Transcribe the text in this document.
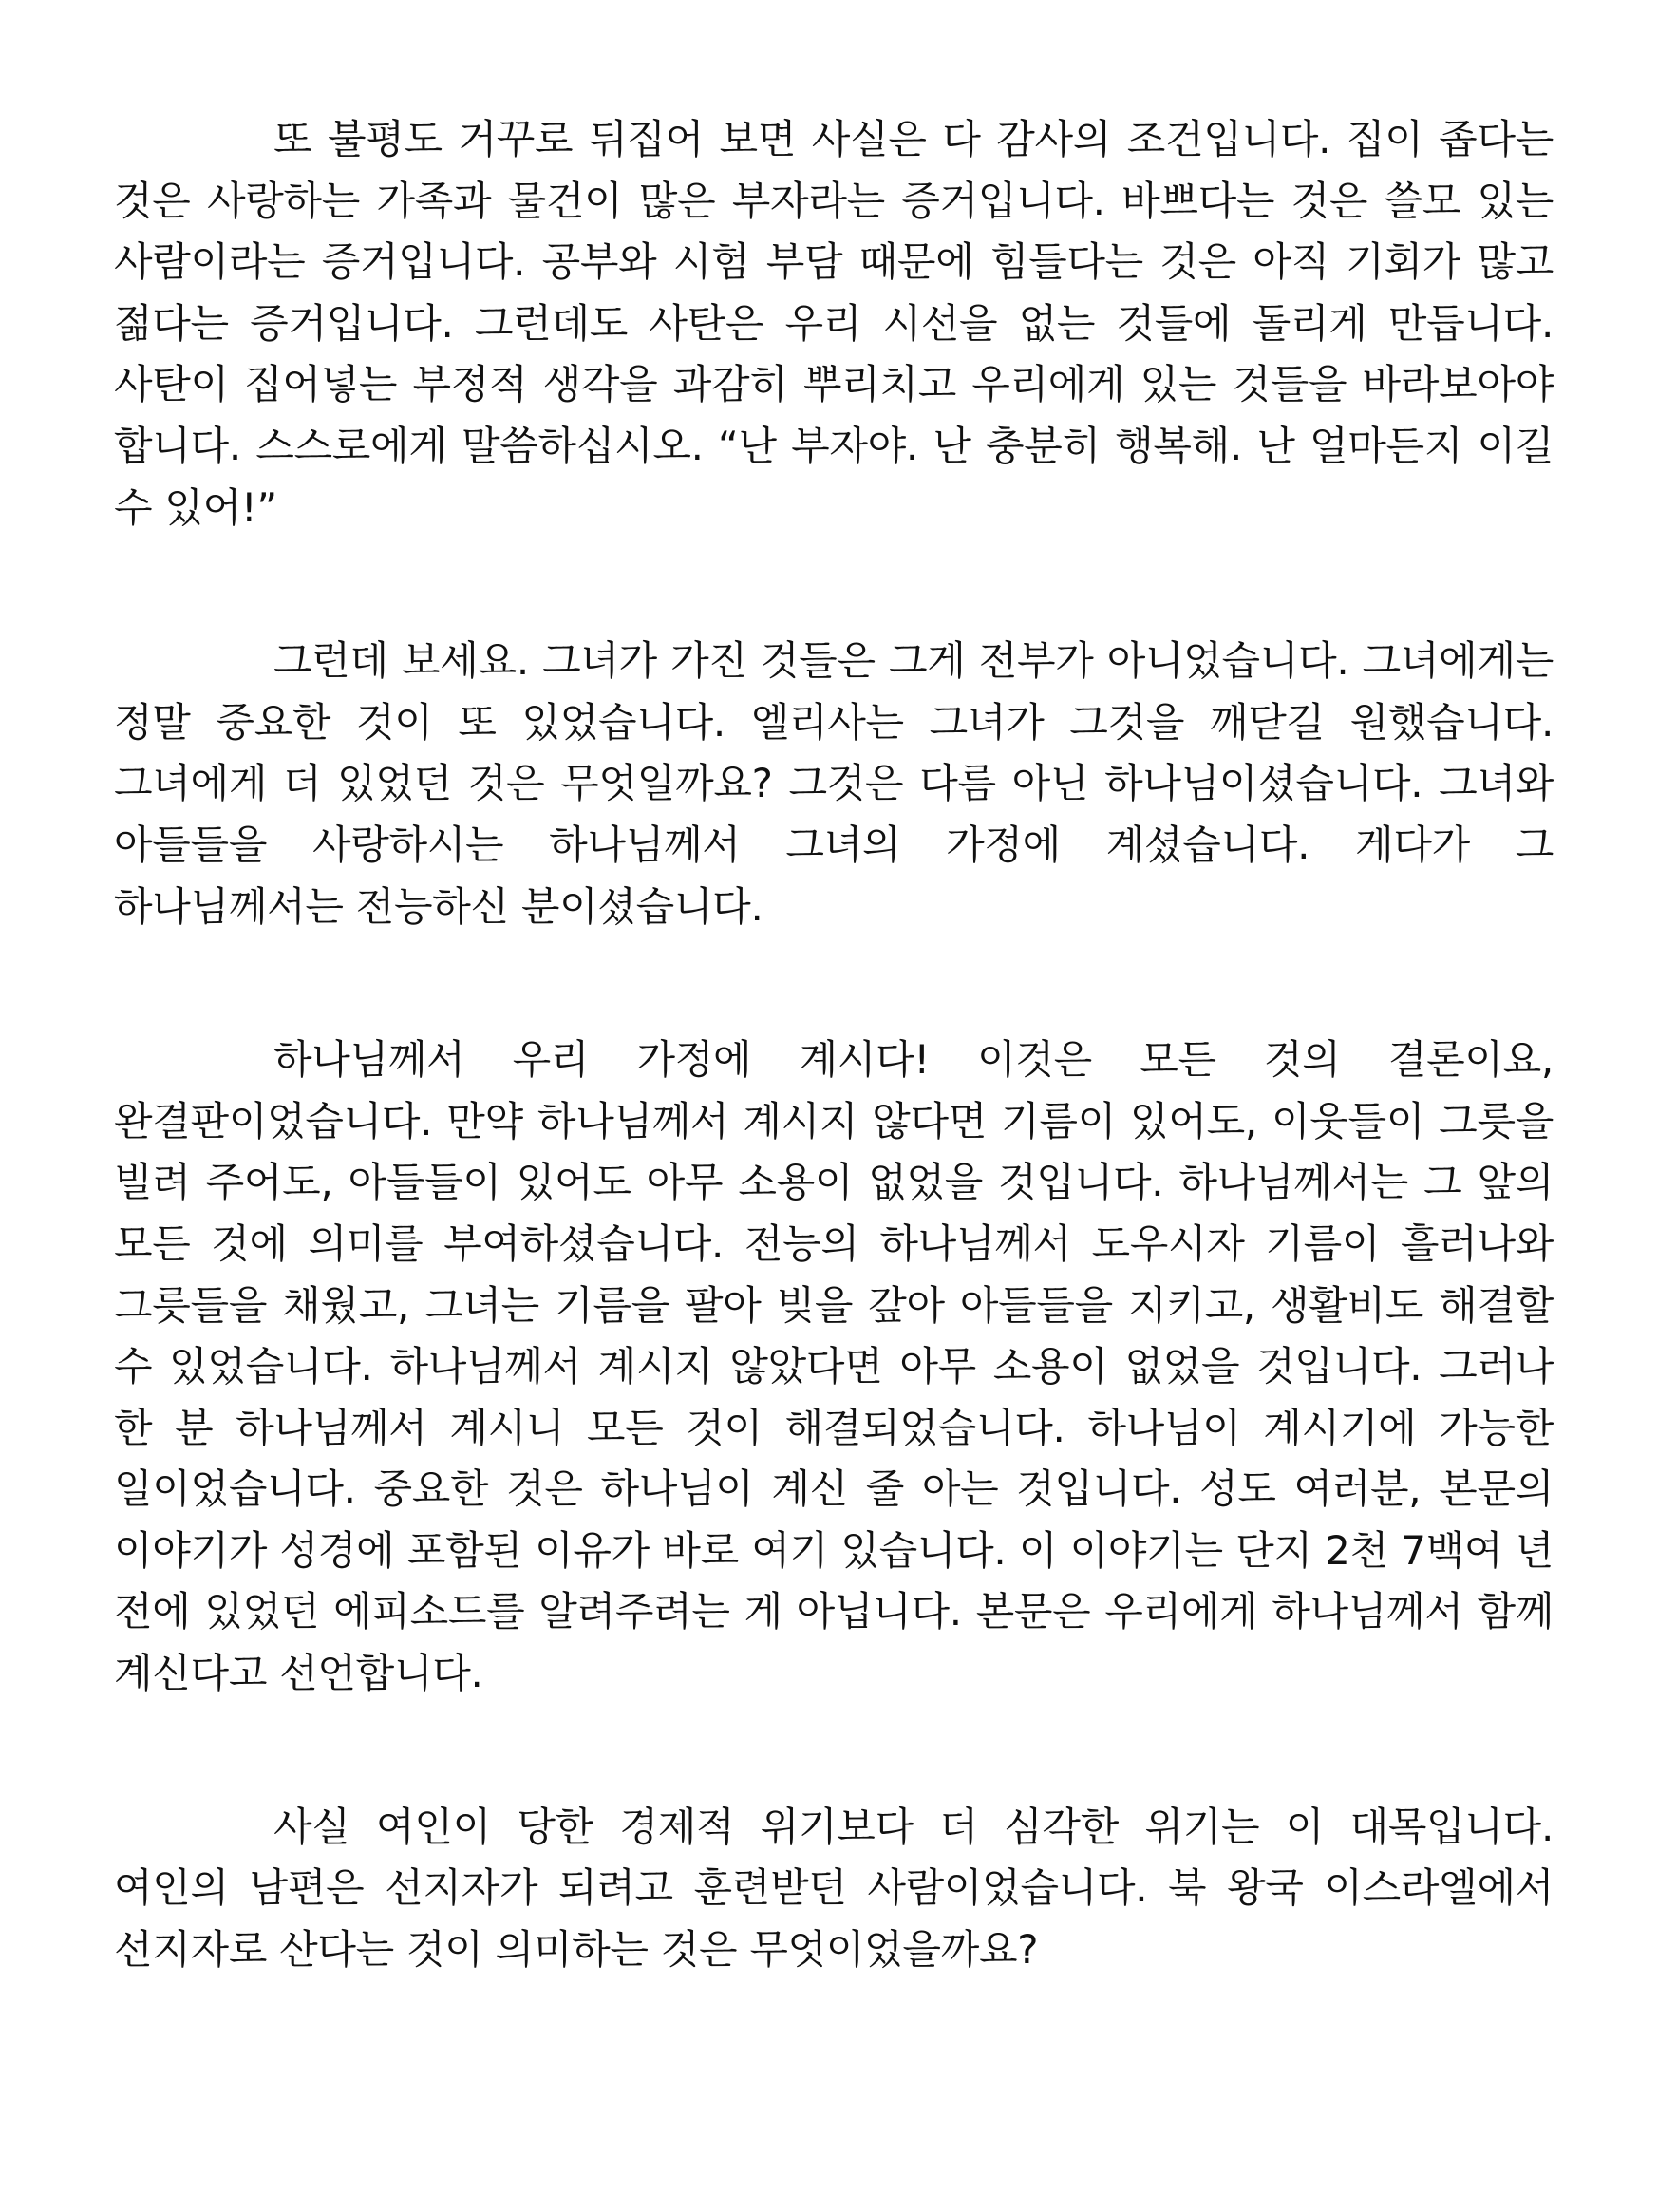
또 불평도 거꾸로 뒤집어 보면 사실은 다 감사의 조건입니다. 집이 좁다는 것은 사랑하는 가족과 물건이 많은 부자라는 증거입니다. 바쁘다는 것은 쓸모 있는 사람이라는 증거입니다. 공부와 시험 부담 때문에 힘들다는 것은 아직 기회가 많고 젊다는 증거입니다. 그런데도 사탄은 우리 시선을 없는 것들에 돌리게 만듭니다. 사탄이 집어넣는 부정적 생각을 과감히 뿌리치고 우리에게 있는 것들을 바라보아야 합니다. 스스로에게 말씀하십시오. “난 부자야. 난 충분히 행복해. 난 얼마든지 이길 수 있어!”

그런데 보세요. 그녀가 가진 것들은 그게 전부가 아니었습니다. 그녀에게는 정말 중요한 것이 또 있었습니다. 엘리사는 그녀가 그것을 깨닫길 원했습니다. 그녀에게 더 있었던 것은 무엇일까요? 그것은 다름 아닌 하나님이셨습니다. 그녀와 아들들을 사랑하시는 하나님께서 그녀의 가정에 계셨습니다. 게다가 그 하나님께서는 전능하신 분이셨습니다.

하나님께서 우리 가정에 계시다! 이것은 모든 것의 결론이요, 완결판이었습니다. 만약 하나님께서 계시지 않다면 기름이 있어도, 이웃들이 그릇을 빌려 주어도, 아들들이 있어도 아무 소용이 없었을 것입니다. 하나님께서는 그 앞의 모든 것에 의미를 부여하셨습니다. 전능의 하나님께서 도우시자 기름이 흘러나와 그릇들을 채웠고, 그녀는 기름을 팔아 빚을 갚아 아들들을 지키고, 생활비도 해결할 수 있었습니다. 하나님께서 계시지 않았다면 아무 소용이 없었을 것입니다. 그러나 한 분 하나님께서 계시니 모든 것이 해결되었습니다. 하나님이 계시기에 가능한 일이었습니다. 중요한 것은 하나님이 계신 줄 아는 것입니다. 성도 여러분, 본문의 이야기가 성경에 포함된 이유가 바로 여기 있습니다. 이 이야기는 단지 2천 7백여 년 전에 있었던 에피소드를 알려주려는 게 아닙니다. 본문은 우리에게 하나님께서 함께 계신다고 선언합니다.

사실 여인이 당한 경제적 위기보다 더 심각한 위기는 이 대목입니다. 여인의 남편은 선지자가 되려고 훈련받던 사람이었습니다. 북 왕국 이스라엘에서 선지자로 산다는 것이 의미하는 것은 무엇이었을까요?
